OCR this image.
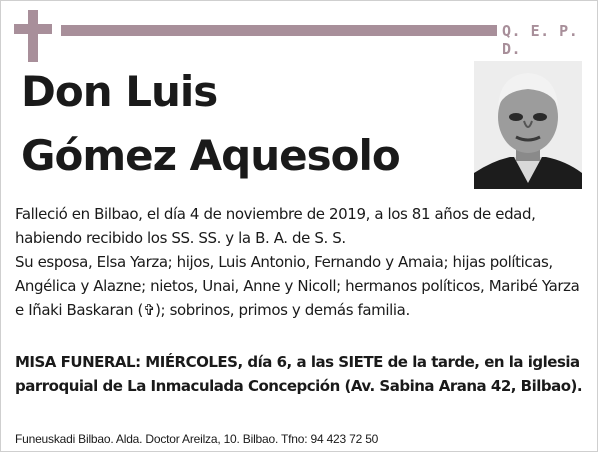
Q. E. P. D.
Don Luis
Gómez Aquesolo

Falleció en Bilbao, el día 4 de noviembre de 2019, a los 81 años de edad, habiendo recibido los SS. SS. y la B. A. de S. S.

Su esposa, Elsa Yarza; hijos, Luis Antonio, Fernando y Amaia; hijas políticas, Angélica y Alazne; nietos, Unai, Anne y Nicoll; hermanos políticos, Maribé Yarza e Iñaki Baskaran (✞); sobrinos, primos y demás familia.

MISA FUNERAL: MIÉRCOLES, día 6, a las SIETE de la tarde, en la iglesia parroquial de La Inmaculada Concepción (Av. Sabina Arana 42, Bilbao).

Funeuskadi Bilbao. Alda. Doctor Areilza, 10. Bilbao. Tfno: 94 423 72 50
